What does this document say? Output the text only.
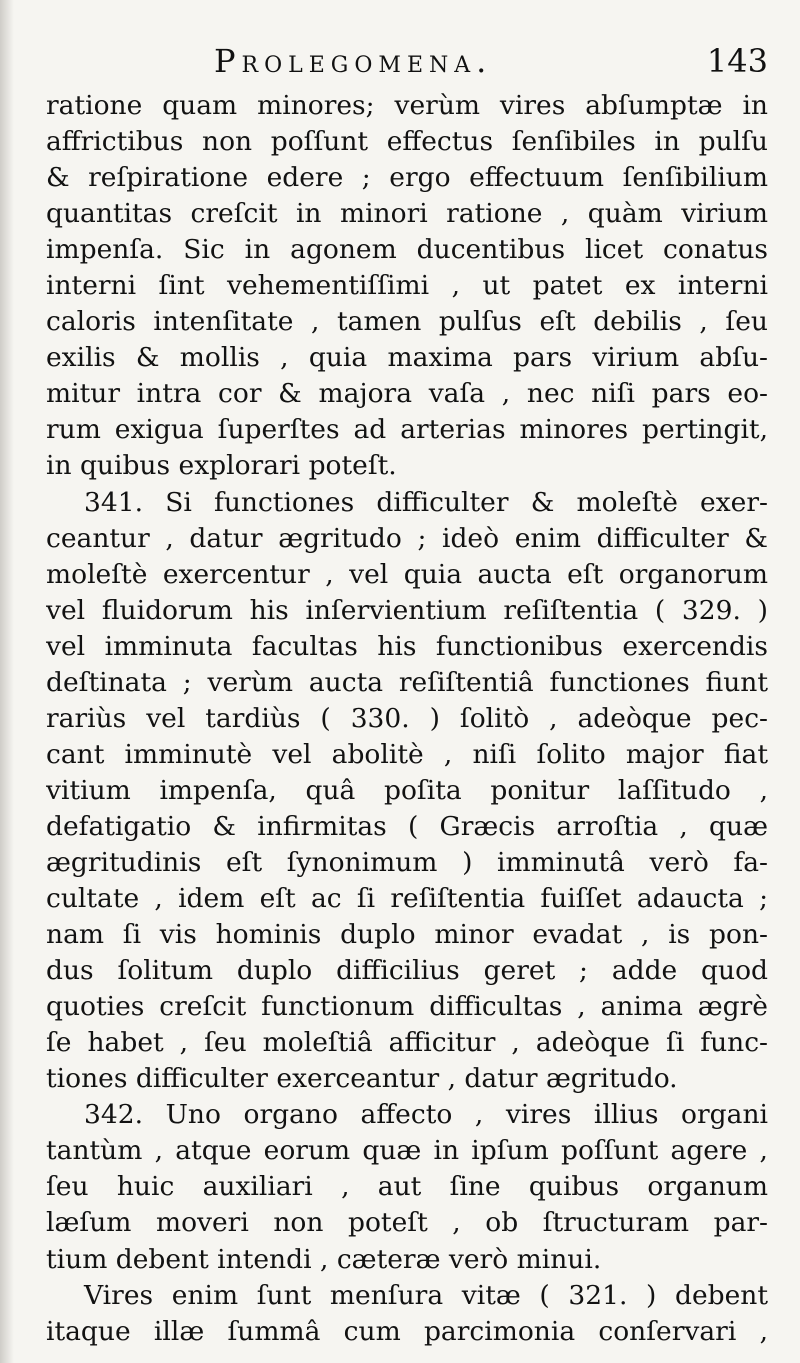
Prolegomena.	143
ratione quam minores; verùm vires abſumptæ in
affrictibus non poſſunt effectus ſenſibiles in pulſu
& reſpiratione edere ; ergo effectuum ſenſibilium
quantitas creſcit in minori ratione , quàm virium
impenſa. Sic in agonem ducentibus licet conatus
interni ſint vehementiſſimi , ut patet ex interni
caloris intenſitate , tamen pulſus eſt debilis , ſeu
exilis & mollis , quia maxima pars virium abſu-
mitur intra cor & majora vaſa , nec niſi pars eo-
rum exigua ſuperſtes ad arterias minores pertingit,
in quibus explorari poteſt.
341. Si functiones difficulter & moleſtè exer-
ceantur , datur ægritudo ; ideò enim difficulter &
moleſtè exercentur , vel quia aucta eſt organorum
vel fluidorum his inſervientium reſiſtentia ( 329. )
vel imminuta facultas his functionibus exercendis
deſtinata ; verùm aucta reſiſtentiâ functiones fiunt
rariùs vel tardiùs ( 330. ) ſolitò , adeòque pec-
cant imminutè vel abolitè , niſi ſolito major fiat
vitium impenſa, quâ poſita ponitur laſſitudo ,
defatigatio & infirmitas ( Græcis arroſtia , quæ
ægritudinis eſt ſynonimum ) imminutâ verò fa-
cultate , idem eſt ac ſi reſiſtentia fuiſſet adaucta ;
nam ſi vis hominis duplo minor evadat , is pon-
dus ſolitum duplo difficilius geret ; adde quod
quoties creſcit functionum difficultas , anima ægrè
ſe habet , ſeu moleſtiâ afficitur , adeòque ſi func-
tiones difficulter exerceantur , datur ægritudo.
342. Uno organo affecto , vires illius organi
tantùm , atque eorum quæ in ipſum poſſunt agere ,
ſeu huic auxiliari , aut ſine quibus organum
læſum moveri non poteſt , ob ſtructuram par-
tium debent intendi , cæteræ verò minui.
Vires enim ſunt menſura vitæ ( 321. ) debent
itaque illæ ſummâ cum parcimonia conſervari ,
